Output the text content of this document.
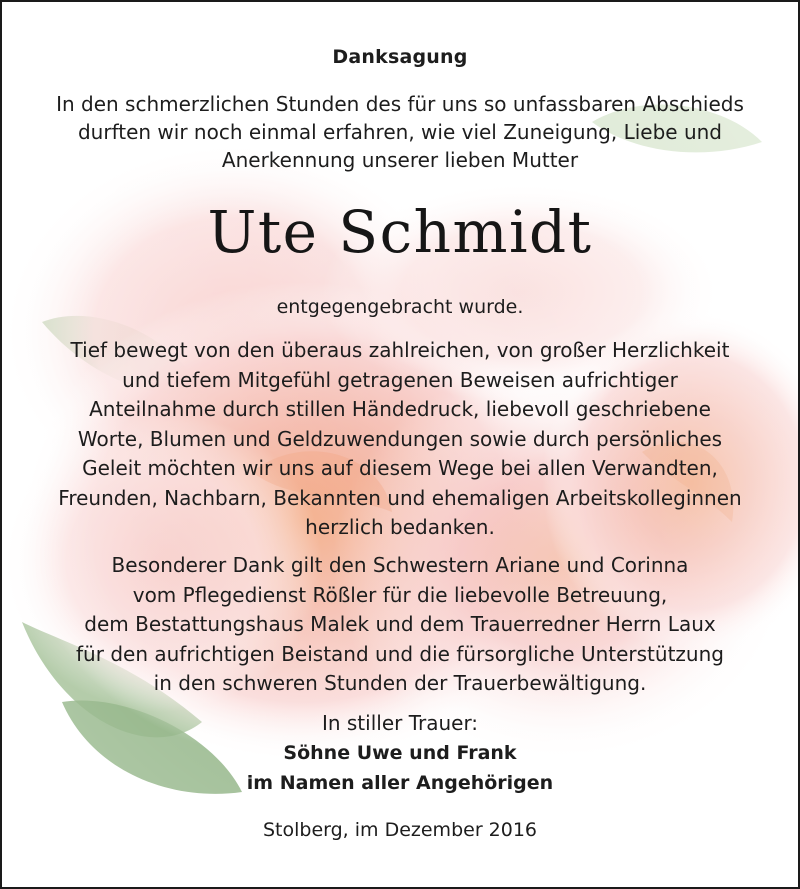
Danksagung
In den schmerzlichen Stunden des für uns so unfassbaren Abschieds
durften wir noch einmal erfahren, wie viel Zuneigung, Liebe und
Anerkennung unserer lieben Mutter
Ute Schmidt
entgegengebracht wurde.
Tief bewegt von den überaus zahlreichen, von großer Herzlichkeit
und tiefem Mitgefühl getragenen Beweisen aufrichtiger
Anteilnahme durch stillen Händedruck, liebevoll geschriebene
Worte, Blumen und Geldzuwendungen sowie durch persönliches
Geleit möchten wir uns auf diesem Wege bei allen Verwandten,
Freunden, Nachbarn, Bekannten und ehemaligen Arbeitskolleginnen
herzlich bedanken.
Besonderer Dank gilt den Schwestern Ariane und Corinna
vom Pflegedienst Rößler für die liebevolle Betreuung,
dem Bestattungshaus Malek und dem Trauerredner Herrn Laux
für den aufrichtigen Beistand und die fürsorgliche Unterstützung
in den schweren Stunden der Trauerbewältigung.
In stiller Trauer:
Söhne Uwe und Frank
im Namen aller Angehörigen
Stolberg, im Dezember 2016
